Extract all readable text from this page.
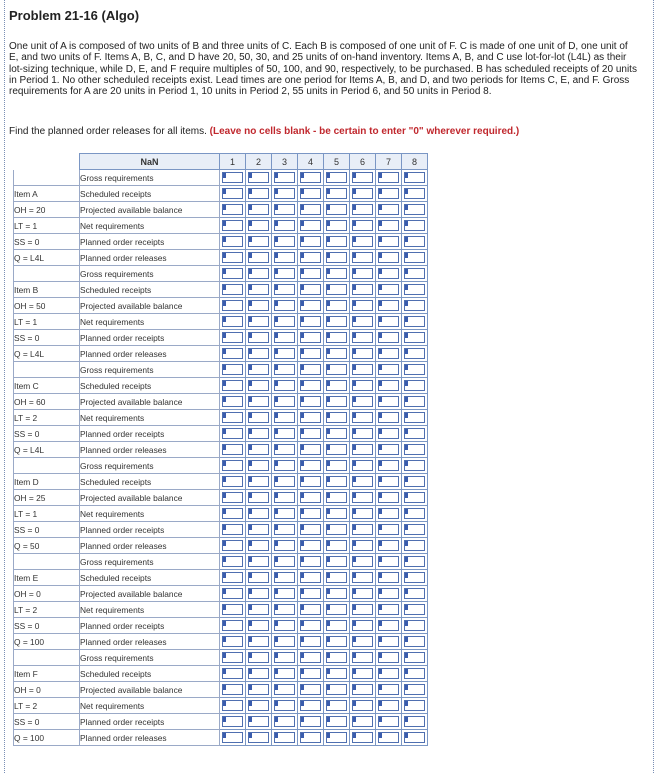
Problem 21-16 (Algo)
One unit of A is composed of two units of B and three units of C. Each B is composed of one unit of F. C is made of one unit of D, one unit of E, and two units of F. Items A, B, C, and D have 20, 50, 30, and 25 units of on-hand inventory. Items A, B, and C use lot-for-lot (L4L) as their lot-sizing technique, while D, E, and F require multiples of 50, 100, and 90, respectively, to be purchased. B has scheduled receipts of 20 units in Period 1. No other scheduled receipts exist. Lead times are one period for Items A, B, and D, and two periods for Items C, E, and F. Gross requirements for A are 20 units in Period 1, 10 units in Period 2, 55 units in Period 6, and 50 units in Period 8.
Find the planned order releases for all items. (Leave no cells blank - be certain to enter "0" wherever required.)
	NaN	1	2	3	4	5	6	7	8
	Gross requirements	

Item A	Scheduled receipts	

OH = 20	Projected available balance	

LT = 1	Net requirements	

SS = 0	Planned order receipts	

Q = L4L	Planned order releases	

	Gross requirements	

Item B	Scheduled receipts	

OH = 50	Projected available balance	

LT = 1	Net requirements	

SS = 0	Planned order receipts	

Q = L4L	Planned order releases	

	Gross requirements	

Item C	Scheduled receipts	

OH = 60	Projected available balance	

LT = 2	Net requirements	

SS = 0	Planned order receipts	

Q = L4L	Planned order releases	

	Gross requirements	

Item D	Scheduled receipts	

OH = 25	Projected available balance	

LT = 1	Net requirements	

SS = 0	Planned order receipts	

Q = 50	Planned order releases	

	Gross requirements	

Item E	Scheduled receipts	

OH = 0	Projected available balance	

LT = 2	Net requirements	

SS = 0	Planned order receipts	

Q = 100	Planned order releases	

	Gross requirements	

Item F	Scheduled receipts	

OH = 0	Projected available balance	

LT = 2	Net requirements	

SS = 0	Planned order receipts	

Q = 100	Planned order releases	
